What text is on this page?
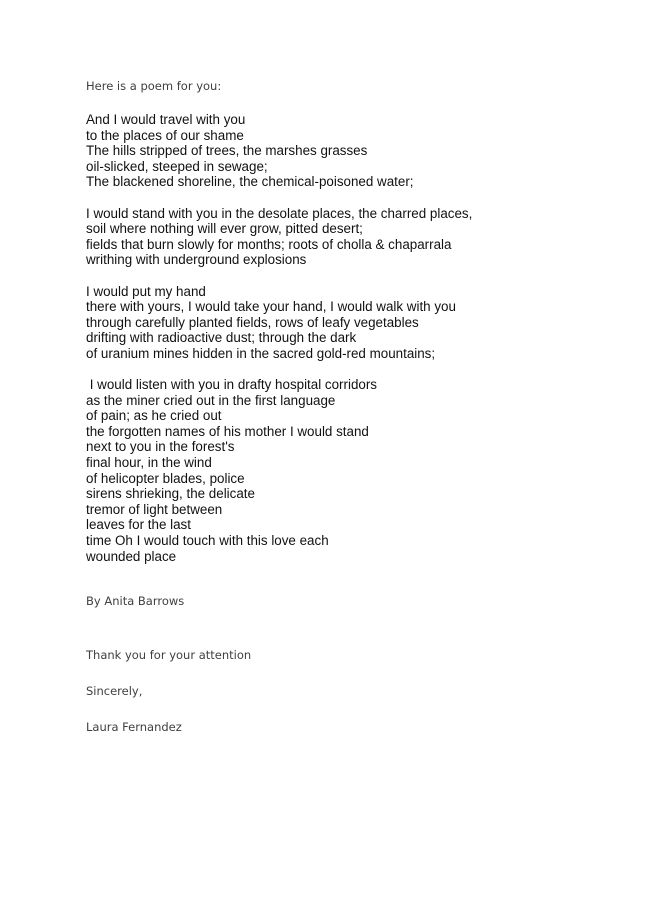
Here is a poem for you:
And I would travel with you
to the places of our shame
The hills stripped of trees, the marshes grasses
oil-slicked, steeped in sewage;
The blackened shoreline, the chemical-poisoned water;
I would stand with you in the desolate places, the charred places,
soil where nothing will ever grow, pitted desert;
fields that burn slowly for months; roots of cholla & chaparrala
writhing with underground explosions
I would put my hand
there with yours, I would take your hand, I would walk with you
through carefully planted fields, rows of leafy vegetables
drifting with radioactive dust; through the dark
of uranium mines hidden in the sacred gold-red mountains;
I would listen with you in drafty hospital corridors
as the miner cried out in the first language
of pain; as he cried out
the forgotten names of his mother I would stand
next to you in the forest's
final hour, in the wind
of helicopter blades, police
sirens shrieking, the delicate
tremor of light between
leaves for the last
time Oh I would touch with this love each
wounded place
By Anita Barrows
Thank you for your attention
Sincerely,
Laura Fernandez
